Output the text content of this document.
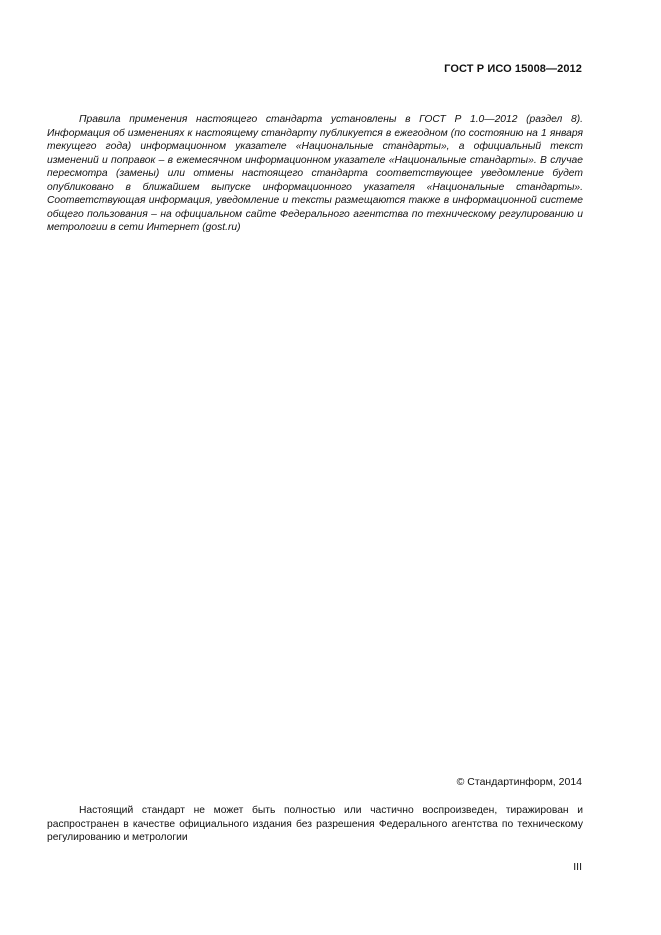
ГОСТ Р ИСО 15008—2012

Правила применения настоящего стандарта установлены в ГОСТ Р 1.0—2012 (раздел 8). Информация об изменениях к настоящему стандарту публикуется в ежегодном (по состоянию на 1 января текущего года) информационном указателе «Национальные стандарты», а официальный текст изменений и поправок – в ежемесячном информационном указателе «Национальные стандарты». В случае пересмотра (замены) или отмены настоящего стандарта соответствующее уведомление будет опубликовано в ближайшем выпуске информационного указателя «Национальные стандарты». Соответствующая информация, уведомление и тексты размещаются также в информационной системе общего пользования – на официальном сайте Федерального агентства по техническому регулированию и метрологии в сети Интернет (gost.ru)

© Стандартинформ, 2014

Настоящий стандарт не может быть полностью или частично воспроизведен, тиражирован и распространен в качестве официального издания без разрешения Федерального агентства по техническому регулированию и метрологии

III
